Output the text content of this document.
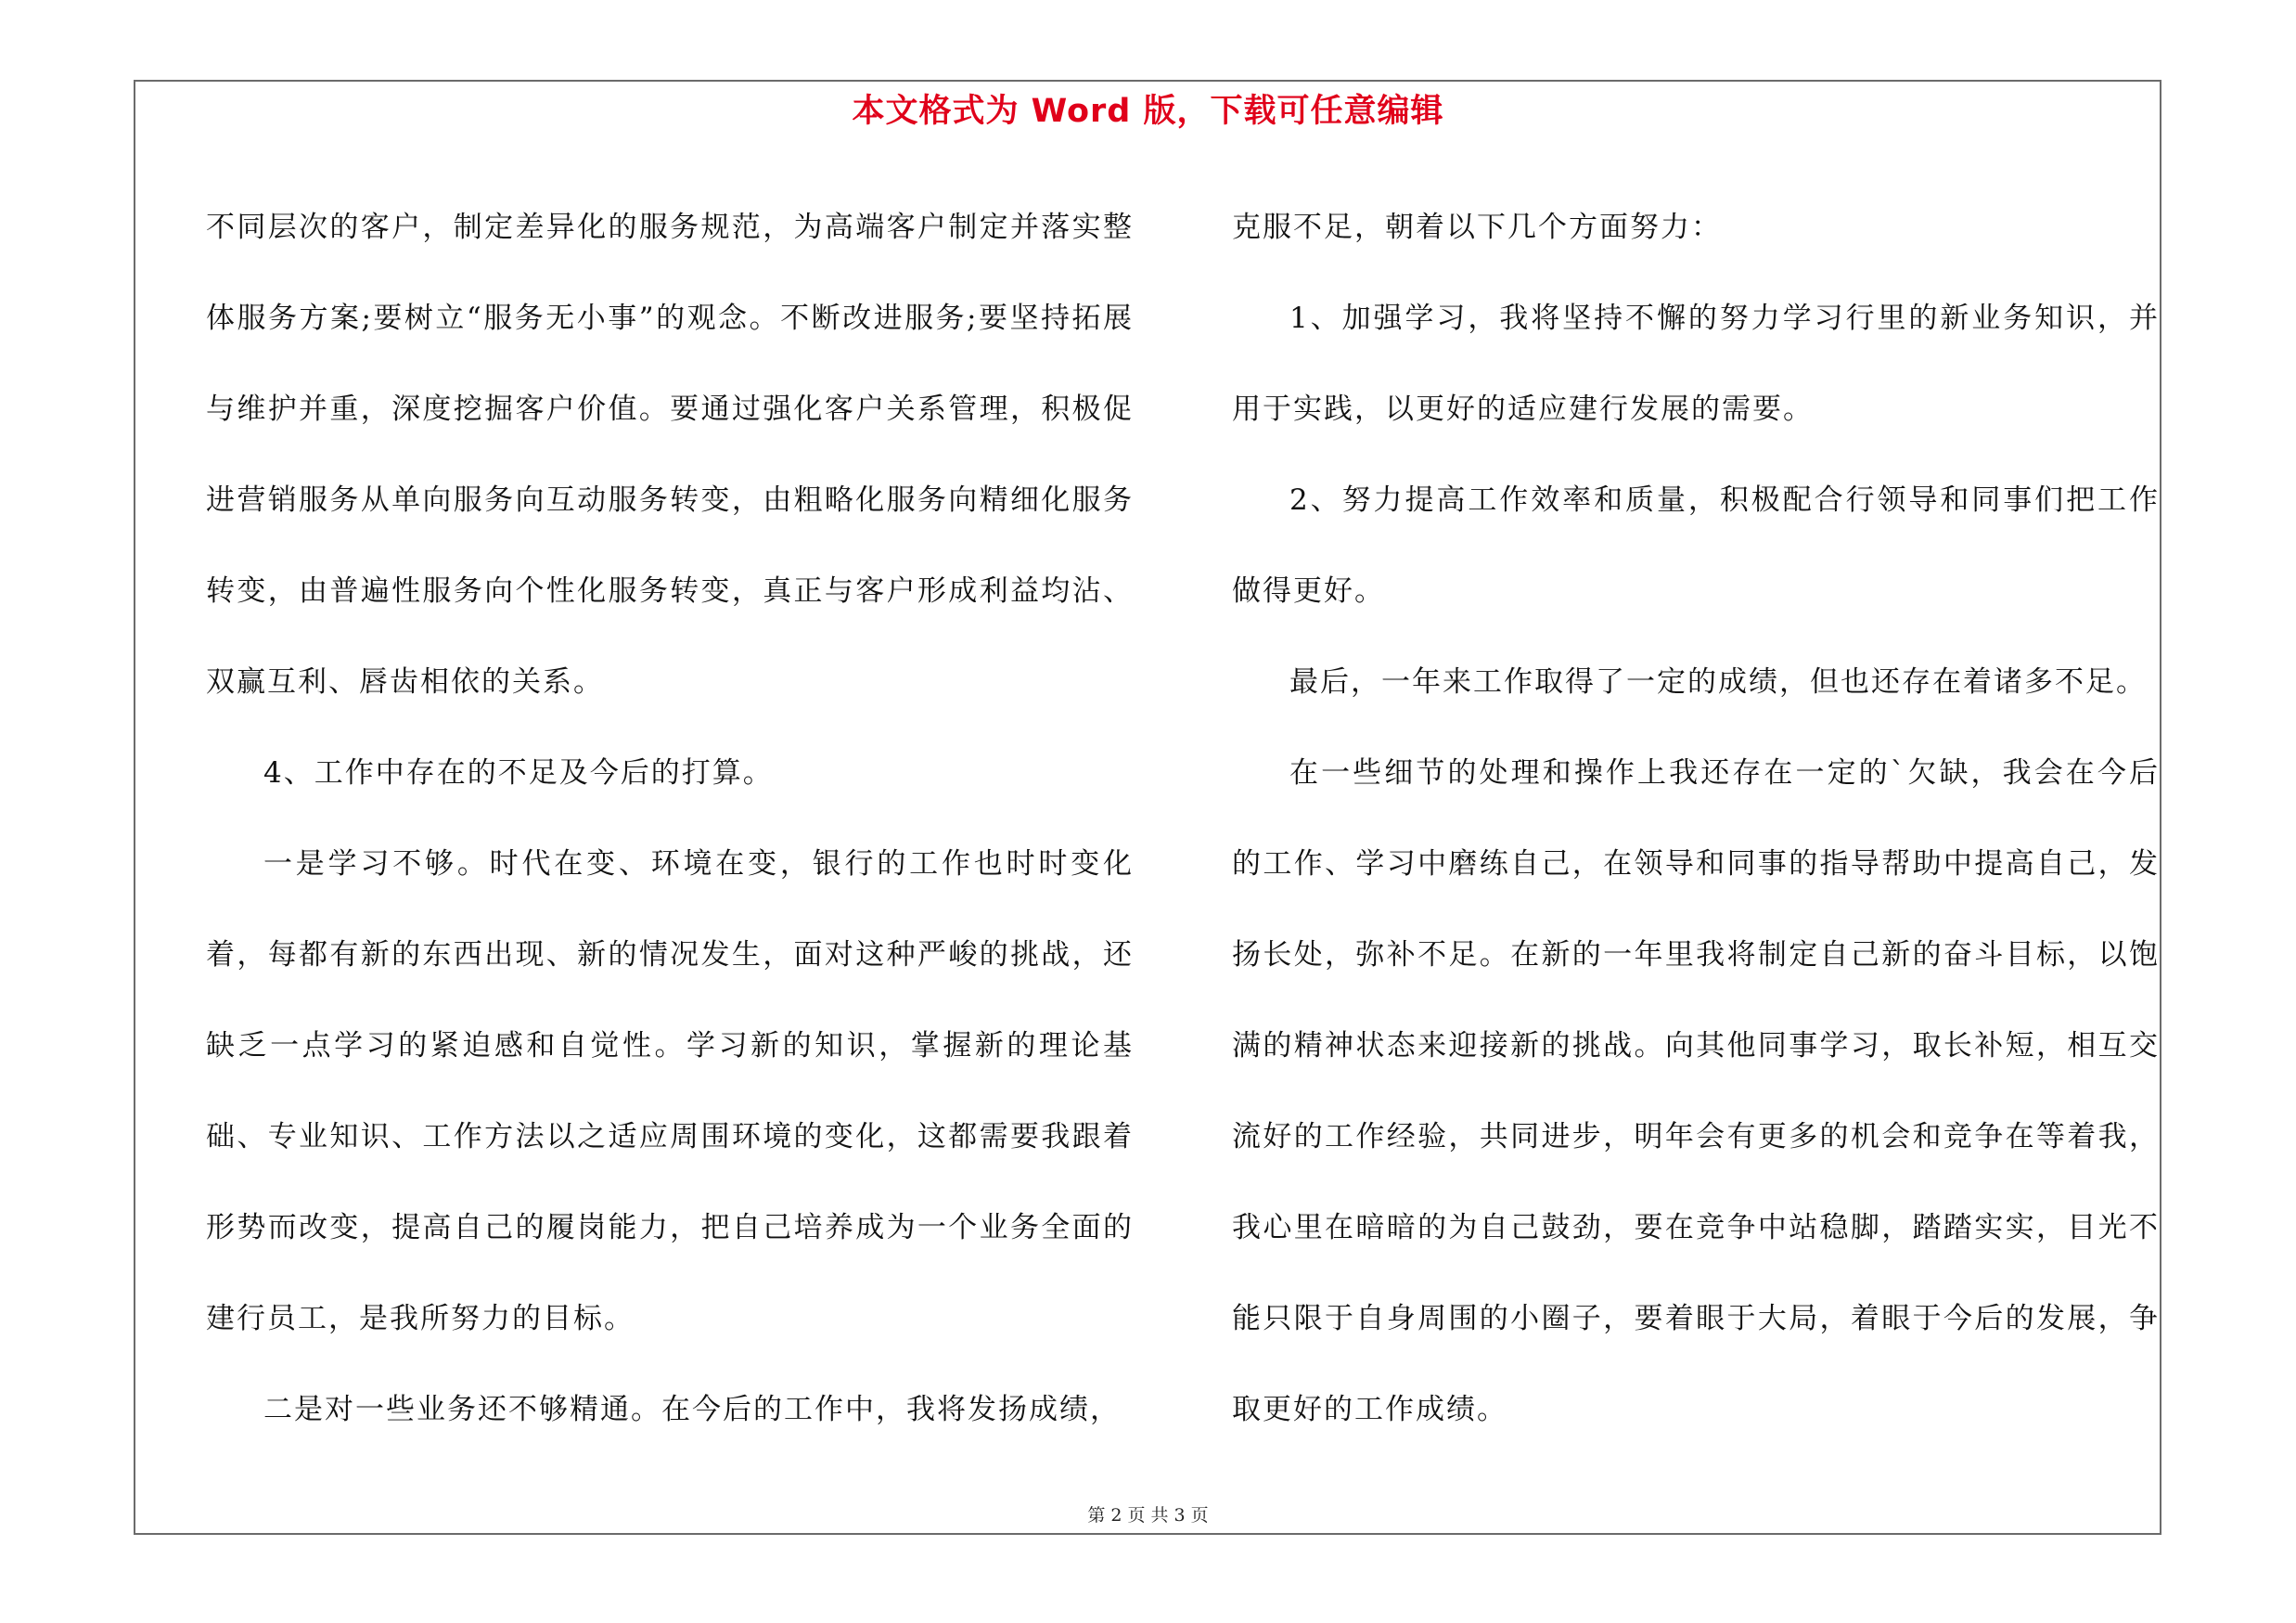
本文格式为 Word 版，下载可任意编辑

不同层次的客户，制定差异化的服务规范，为高端客户制定并落实整体服务方案;要树立“服务无小事”的观念。不断改进服务;要坚持拓展与维护并重，深度挖掘客户价值。要通过强化客户关系管理，积极促进营销服务从单向服务向互动服务转变，由粗略化服务向精细化服务转变，由普遍性服务向个性化服务转变，真正与客户形成利益均沾、双赢互利、唇齿相依的关系。

4、工作中存在的不足及今后的打算。

一是学习不够。时代在变、环境在变，银行的工作也时时变化着，每都有新的东西出现、新的情况发生，面对这种严峻的挑战，还缺乏一点学习的紧迫感和自觉性。学习新的知识，掌握新的理论基础、专业知识、工作方法以之适应周围环境的变化，这都需要我跟着形势而改变，提高自己的履岗能力，把自己培养成为一个业务全面的建行员工，是我所努力的目标。

二是对一些业务还不够精通。在今后的工作中，我将发扬成绩，

克服不足，朝着以下几个方面努力：

1、加强学习，我将坚持不懈的努力学习行里的新业务知识，并用于实践，以更好的适应建行发展的需要。

2、努力提高工作效率和质量，积极配合行领导和同事们把工作做得更好。

最后，一年来工作取得了一定的成绩，但也还存在着诸多不足。

在一些细节的处理和操作上我还存在一定的`欠缺，我会在今后的工作、学习中磨练自己，在领导和同事的指导帮助中提高自己，发扬长处，弥补不足。在新的一年里我将制定自己新的奋斗目标，以饱满的精神状态来迎接新的挑战。向其他同事学习，取长补短，相互交流好的工作经验，共同进步，明年会有更多的机会和竞争在等着我，我心里在暗暗的为自己鼓劲，要在竞争中站稳脚，踏踏实实，目光不能只限于自身周围的小圈子，要着眼于大局，着眼于今后的发展，争取更好的工作成绩。

第 2 页 共 3 页
